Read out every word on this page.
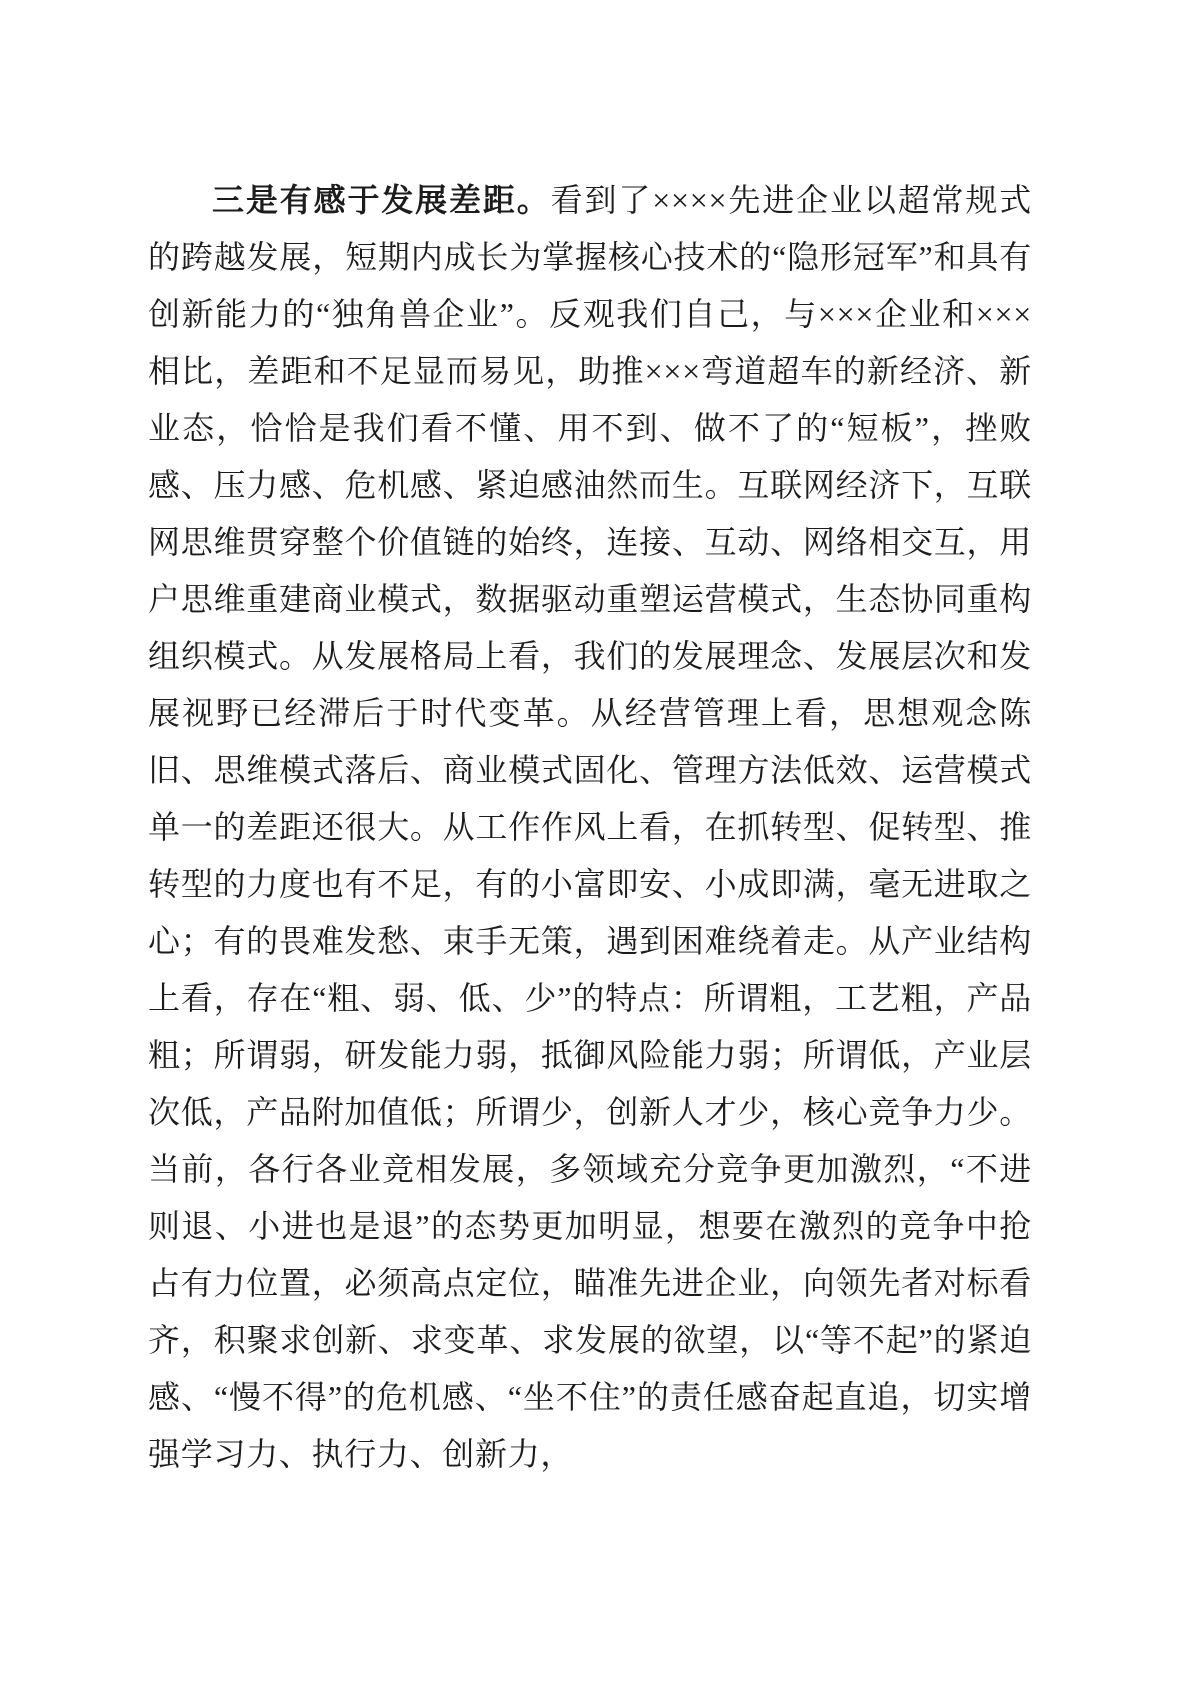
三是有感于发展差距。看到了××××先进企业以超常规式的跨越发展，短期内成长为掌握核心技术的“隐形冠军”和具有创新能力的“独角兽企业”。反观我们自己，与×××企业和×××相比，差距和不足显而易见，助推×××弯道超车的新经济、新业态，恰恰是我们看不懂、用不到、做不了的“短板”，挫败感、压力感、危机感、紧迫感油然而生。互联网经济下，互联网思维贯穿整个价值链的始终，连接、互动、网络相交互，用户思维重建商业模式，数据驱动重塑运营模式，生态协同重构组织模式。从发展格局上看，我们的发展理念、发展层次和发展视野已经滞后于时代变革。从经营管理上看，思想观念陈旧、思维模式落后、商业模式固化、管理方法低效、运营模式单一的差距还很大。从工作作风上看，在抓转型、促转型、推转型的力度也有不足，有的小富即安、小成即满，毫无进取之心；有的畏难发愁、束手无策，遇到困难绕着走。从产业结构上看，存在“粗、弱、低、少”的特点：所谓粗，工艺粗，产品粗；所谓弱，研发能力弱，抵御风险能力弱；所谓低，产业层次低，产品附加值低；所谓少，创新人才少，核心竞争力少。当前，各行各业竞相发展，多领域充分竞争更加激烈，“不进则退、小进也是退”的态势更加明显，想要在激烈的竞争中抢占有力位置，必须高点定位，瞄准先进企业，向领先者对标看齐，积聚求创新、求变革、求发展的欲望，以“等不起”的紧迫感、“慢不得”的危机感、“坐不住”的责任感奋起直追，切实增强学习力、执行力、创新力，
